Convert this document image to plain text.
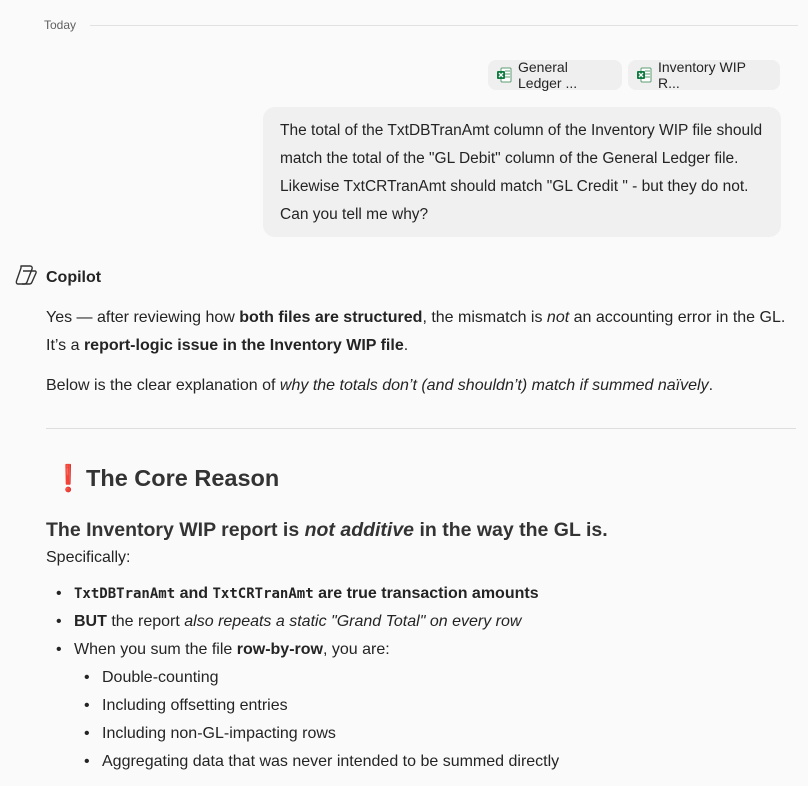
Today
General Ledger ...
Inventory WIP R...
The total of the TxtDBTranAmt column of the Inventory WIP file should match the total of the "GL Debit" column of the General Ledger file. Likewise TxtCRTranAmt should match "GL Credit " - but they do not. Can you tell me why?
Copilot

Yes — after reviewing how both files are structured, the mismatch is not an accounting error in the GL. It’s a report-logic issue in the Inventory WIP file.

Below is the clear explanation of why the totals don’t (and shouldn’t) match if summed naïvely.

❗ The Core Reason
The Inventory WIP report is not additive in the way the GL is.

Specifically:

• TxtDBTranAmt and TxtCRTranAmt are true transaction amounts
• BUT the report also repeats a static "Grand Total" on every row
• When you sum the file row-by-row, you are:
• Double-counting
• Including offsetting entries
• Including non-GL-impacting rows
• Aggregating data that was never intended to be summed directly
